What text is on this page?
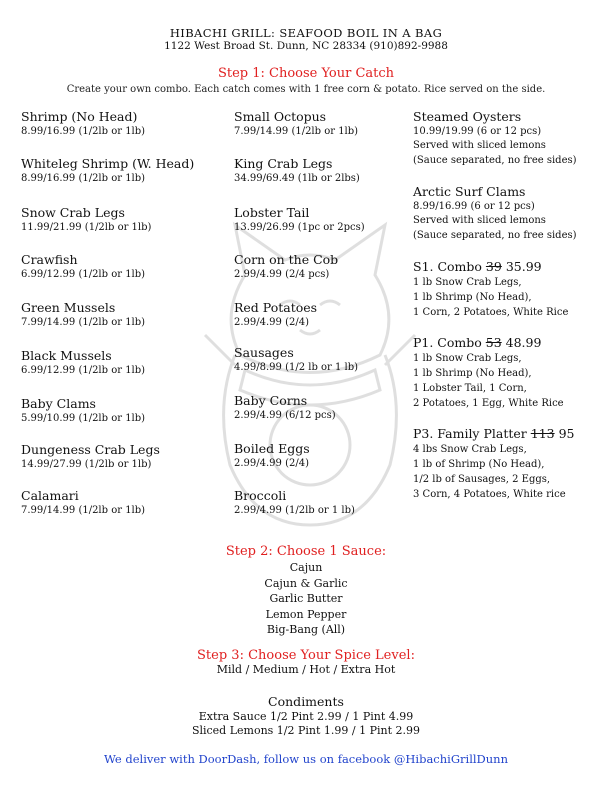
HIBACHI GRILL: SEAFOOD BOIL IN A BAG
1122 West Broad St. Dunn, NC 28334 (910)892-9988
Step 1: Choose Your Catch
Create your own combo. Each catch comes with 1 free corn & potato. Rice served on the side.
Shrimp (No Head)
8.99/16.99 (1/2lb or 1lb)
Whiteleg Shrimp (W. Head)
8.99/16.99 (1/2lb or 1lb)
Snow Crab Legs
11.99/21.99 (1/2lb or 1lb)
Crawfish
6.99/12.99 (1/2lb or 1lb)
Green Mussels
7.99/14.99 (1/2lb or 1lb)
Black Mussels
6.99/12.99 (1/2lb or 1lb)
Baby Clams
5.99/10.99 (1/2lb or 1lb)
Dungeness Crab Legs
14.99/27.99 (1/2lb or 1lb)
Calamari
7.99/14.99 (1/2lb or 1lb)
Small Octopus
7.99/14.99 (1/2lb or 1lb)
King Crab Legs
34.99/69.49 (1lb or 2lbs)
Lobster Tail
13.99/26.99 (1pc or 2pcs)
Corn on the Cob
2.99/4.99 (2/4 pcs)
Red Potatoes
2.99/4.99 (2/4)
Sausages
4.99/8.99 (1/2 lb or 1 lb)
Baby Corns
2.99/4.99 (6/12 pcs)
Boiled Eggs
2.99/4.99 (2/4)
Broccoli
2.99/4.99 (1/2lb or 1 lb)
Steamed Oysters
10.99/19.99 (6 or 12 pcs)
Served with sliced lemons
(Sauce separated, no free sides)
Arctic Surf Clams
8.99/16.99 (6 or 12 pcs)
Served with sliced lemons
(Sauce separated, no free sides)
S1. Combo 39 35.99
1 lb Snow Crab Legs,
1 lb Shrimp (No Head),
1 Corn, 2 Potatoes, White Rice
P1. Combo 53 48.99
1 lb Snow Crab Legs,
1 lb Shrimp (No Head),
1 Lobster Tail, 1 Corn,
2 Potatoes, 1 Egg, White Rice
P3. Family Platter 113 95
4 lbs Snow Crab Legs,
1 lb of Shrimp (No Head),
1/2 lb of Sausages, 2 Eggs,
3 Corn, 4 Potatoes, White rice
Step 2: Choose 1 Sauce:
Cajun
Cajun & Garlic
Garlic Butter
Lemon Pepper
Big-Bang (All)
Step 3: Choose Your Spice Level:
Mild / Medium / Hot / Extra Hot
Condiments
Extra Sauce 1/2 Pint 2.99 / 1 Pint 4.99
Sliced Lemons 1/2 Pint 1.99 / 1 Pint 2.99
We deliver with DoorDash, follow us on facebook @HibachiGrillDunn
